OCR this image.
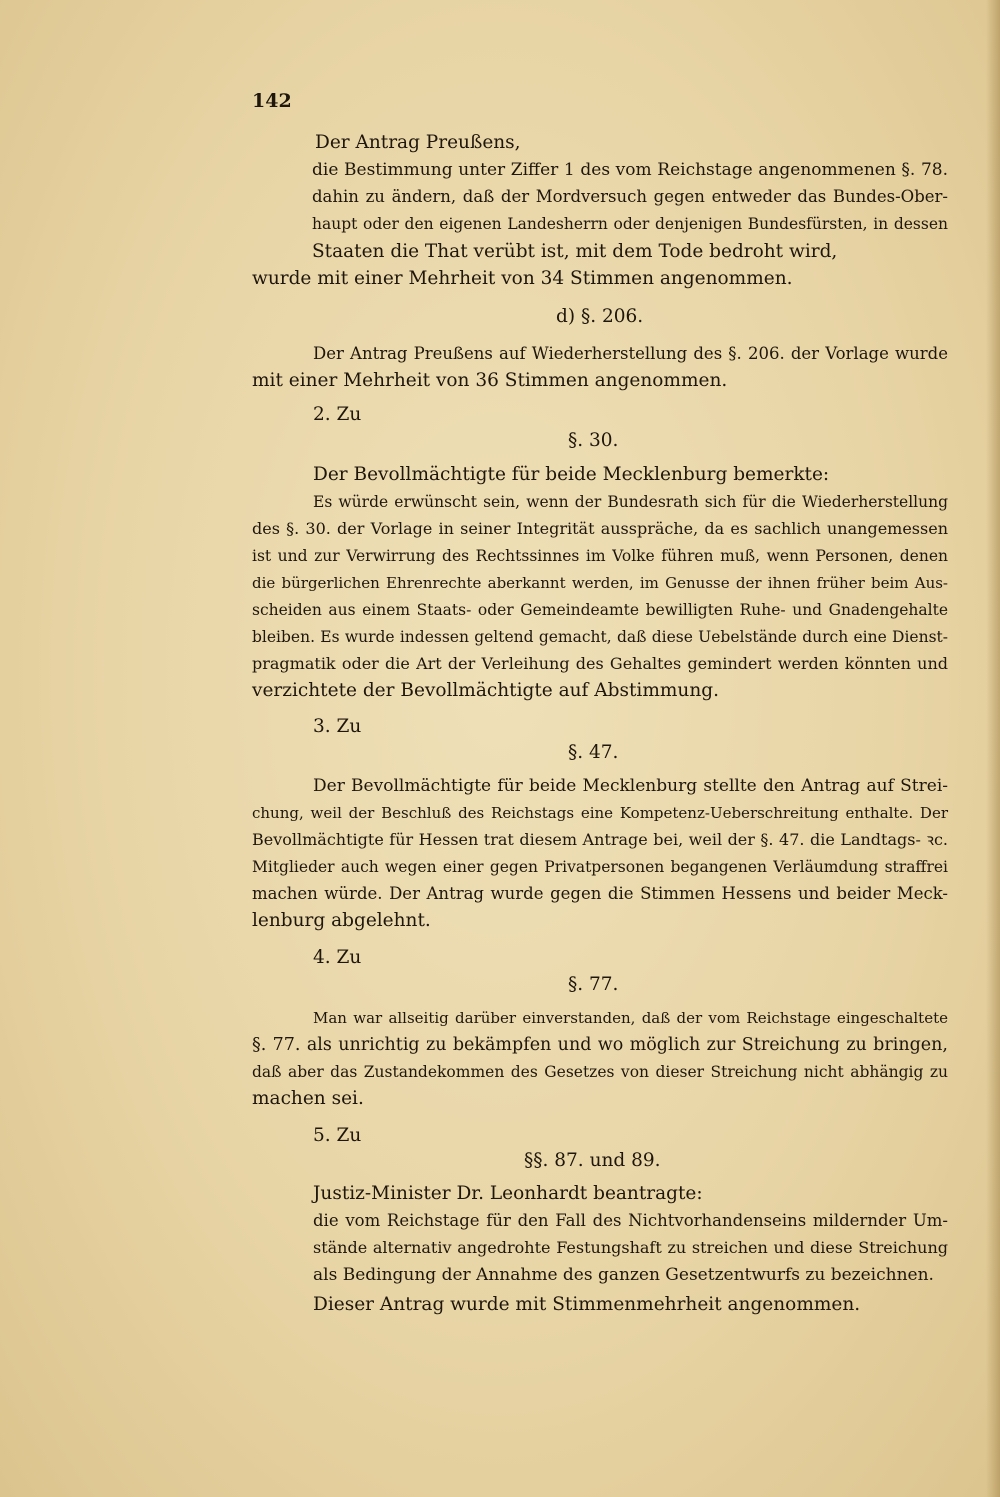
142
Der Antrag Preußens,
die Bestimmung unter Ziffer 1 des vom Reichstage angenommenen §. 78.
dahin zu ändern, daß der Mordversuch gegen entweder das Bundes-Ober-
haupt oder den eigenen Landesherrn oder denjenigen Bundesfürsten, in dessen
Staaten die That verübt ist, mit dem Tode bedroht wird,
wurde mit einer Mehrheit von 34 Stimmen angenommen.
d) §. 206.
Der Antrag Preußens auf Wiederherstellung des §. 206. der Vorlage wurde
mit einer Mehrheit von 36 Stimmen angenommen.
2. Zu
§. 30.
Der Bevollmächtigte für beide Mecklenburg bemerkte:
Es würde erwünscht sein, wenn der Bundesrath sich für die Wiederherstellung
des §. 30. der Vorlage in seiner Integrität ausspräche, da es sachlich unangemessen
ist und zur Verwirrung des Rechtssinnes im Volke führen muß, wenn Personen, denen
die bürgerlichen Ehrenrechte aberkannt werden, im Genusse der ihnen früher beim Aus-
scheiden aus einem Staats- oder Gemeindeamte bewilligten Ruhe- und Gnadengehalte
bleiben. Es wurde indessen geltend gemacht, daß diese Uebelstände durch eine Dienst-
pragmatik oder die Art der Verleihung des Gehaltes gemindert werden könnten und
verzichtete der Bevollmächtigte auf Abstimmung.
3. Zu
§. 47.
Der Bevollmächtigte für beide Mecklenburg stellte den Antrag auf Strei-
chung, weil der Beschluß des Reichstags eine Kompetenz-Ueberschreitung enthalte. Der
Bevollmächtigte für Hessen trat diesem Antrage bei, weil der §. 47. die Landtags- ꝛc.
Mitglieder auch wegen einer gegen Privatpersonen begangenen Verläumdung straffrei
machen würde. Der Antrag wurde gegen die Stimmen Hessens und beider Meck-
lenburg abgelehnt.
4. Zu
§. 77.
Man war allseitig darüber einverstanden, daß der vom Reichstage eingeschaltete
§. 77. als unrichtig zu bekämpfen und wo möglich zur Streichung zu bringen,
daß aber das Zustandekommen des Gesetzes von dieser Streichung nicht abhängig zu
machen sei.
5. Zu
§§. 87. und 89.
Justiz-Minister Dr. Leonhardt beantragte:
die vom Reichstage für den Fall des Nichtvorhandenseins mildernder Um-
stände alternativ angedrohte Festungshaft zu streichen und diese Streichung
als Bedingung der Annahme des ganzen Gesetzentwurfs zu bezeichnen.
Dieser Antrag wurde mit Stimmenmehrheit angenommen.
